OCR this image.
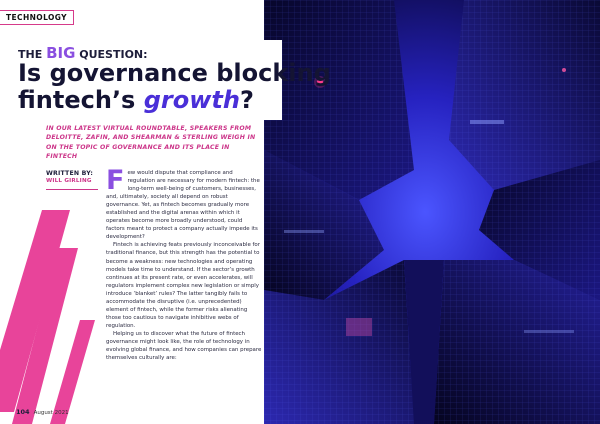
TECHNOLOGY
THE BIG QUESTION:
Is governance blocking
fintech’s growth?
IN OUR LATEST VIRTUAL ROUNDTABLE, SPEAKERS FROM DELOITTE, ZAFIN, AND SHEARMAN & STERLING WEIGH IN ON THE TOPIC OF GOVERNANCE AND ITS PLACE IN FINTECH
WRITTEN BY:
WILL GIRLING Few would dispute that compliance and regulation are necessary for modern fintech: the long-term well-being of customers, businesses, and, ultimately, society all depend on robust governance. Yet, as fintech becomes gradually more established and the digital arenas within which it operates become more broadly understood, could factors meant to protect a company actually impede its development?

Fintech is achieving feats previously inconceivable for traditional finance, but this strength has the potential to become a weakness: new technologies and operating models take time to understand. If the sector’s growth continues at its present rate, or even accelerates, will regulators implement complex new legislation or simply introduce ‘blanket’ rules? The latter tangibly fails to accommodate the disruptive (i.e. unprecedented) element of fintech, while the former risks alienating those too cautious to navigate inhibitive webs of regulation.

Helping us to discover what the future of fintech governance might look like, the role of technology in evolving global finance, and how companies can prepare themselves culturally are:

104 August 2021
